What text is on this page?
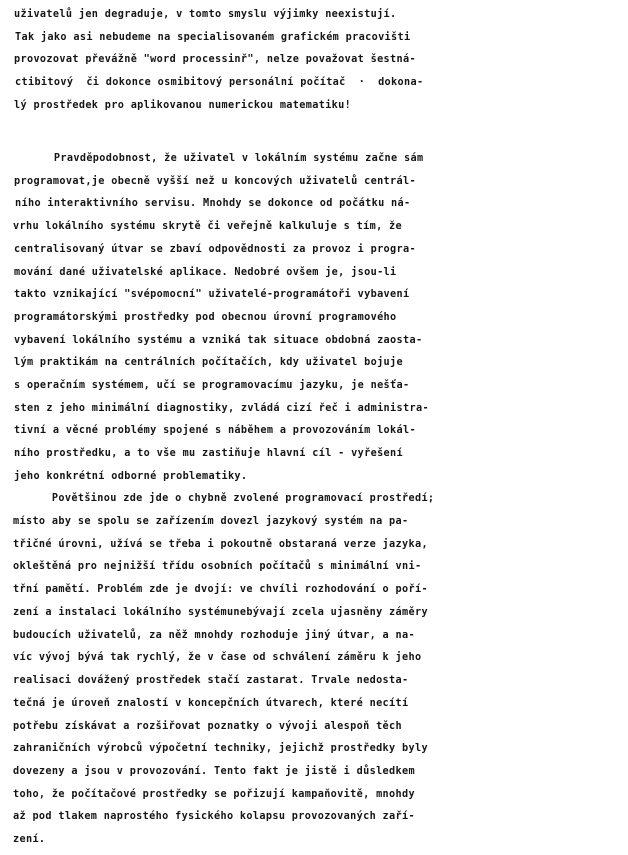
uživatelů jen degraduje, v tomto smyslu výjimky neexistují.
Tak jako asi nebudeme na specialisovaném grafickém pracovišti
provozovat převážně "word processinř", nelze považovat šestná-
ctibitový  či dokonce osmibitový personální počítač  ·  dokona-
lý prostředek pro aplikovanou numerickou matematiku!
Pravděpodobnost, že uživatel v lokálním systému začne sám
programovat,je obecně vyšší než u koncových uživatelů centrál-
ního interaktivního servisu. Mnohdy se dokonce od počátku ná-
vrhu lokálního systému skrytě či veřejně kalkuluje s tím, že
centralisovaný útvar se zbaví odpovědnosti za provoz i progra-
mování dané uživatelské aplikace. Nedobré ovšem je, jsou-li
takto vznikající "svépomocní" uživatelé-programátoři vybavení
programátorskými prostředky pod obecnou úrovní programového
vybavení lokálního systému a vzniká tak situace obdobná zaosta-
lým praktikám na centrálních počítačích, kdy uživatel bojuje
s operačním systémem, učí se programovacímu jazyku, je nešťa-
sten z jeho minimální diagnostiky, zvládá cizí řeč i administra-
tivní a věcné problémy spojené s náběhem a provozováním lokál-
ního prostředku, a to vše mu zastiňuje hlavní cíl - vyřešení
jeho konkrétní odborné problematiky.
Povětšinou zde jde o chybně zvolené programovací prostředí;
místo aby se spolu se zařízením dovezl jazykový systém na pa-
třičné úrovni, užívá se třeba i pokoutně obstaraná verze jazyka,
okleštěná pro nejnižší třídu osobních počítačů s minimální vni-
třní pamětí. Problém zde je dvojí: ve chvíli rozhodování o poří-
zení a instalaci lokálního systémunebývají zcela ujasněny záměry
budoucích uživatelů, za něž mnohdy rozhoduje jiný útvar, a na-
víc vývoj bývá tak rychlý, že v čase od schválení záměru k jeho
realisaci dovážený prostředek stačí zastarat. Trvale nedosta-
tečná je úroveň znalostí v koncepčních útvarech, které necítí
potřebu získávat a rozšiřovat poznatky o vývoji alespoň těch
zahraničních výrobců výpočetní techniky, jejichž prostředky byly
dovezeny a jsou v provozování. Tento fakt je jistě i důsledkem
toho, že počítačové prostředky se pořizují kampaňovitě, mnohdy
až pod tlakem naprostého fysického kolapsu provozovaných zaří-
zení.
